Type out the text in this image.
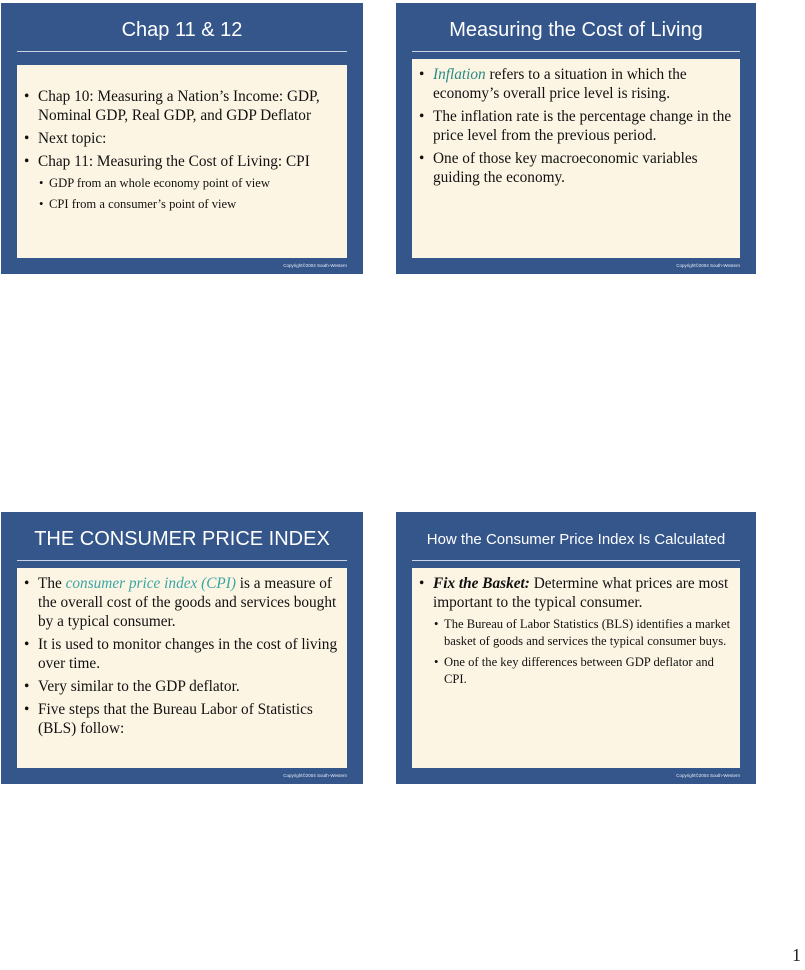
Chap 11 & 12
• Chap 10: Measuring a Nation’s Income: GDP, Nominal GDP, Real GDP, and GDP Deflator
• Next topic:
• Chap 11: Measuring the Cost of Living: CPI
• GDP from an whole economy point of view
• CPI from a consumer’s point of view
Copyright©2004 South-Western
Measuring the Cost of Living
• Inflation refers to a situation in which the economy’s overall price level is rising.
• The inflation rate is the percentage change in the price level from the previous period.
• One of those key macroeconomic variables guiding the economy.
Copyright©2004 South-Western
THE CONSUMER PRICE INDEX
• The consumer price index (CPI) is a measure of the overall cost of the goods and services bought by a typical consumer.
• It is used to monitor changes in the cost of living over time.
• Very similar to the GDP deflator.
• Five steps that the Bureau Labor of Statistics (BLS) follow:
Copyright©2004 South-Western
How the Consumer Price Index Is Calculated
• Fix the Basket: Determine what prices are most important to the typical consumer.
• The Bureau of Labor Statistics (BLS) identifies a market basket of goods and services the typical consumer buys.
• One of the key differences between GDP deflator and CPI.
Copyright©2004 South-Western
1
